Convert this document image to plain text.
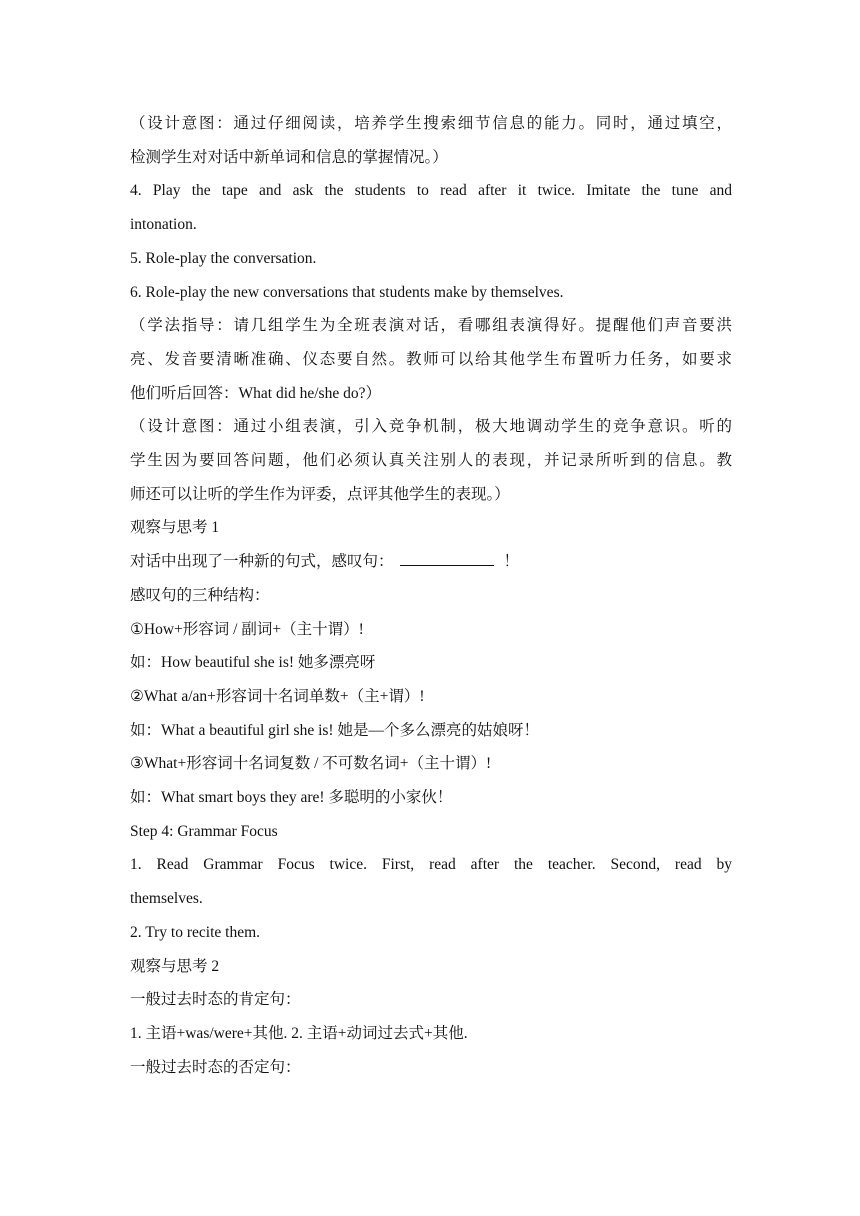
（设计意图：通过仔细阅读，培养学生搜索细节信息的能力。同时，通过填空，

检测学生对对话中新单词和信息的掌握情况。）

4. Play the tape and ask the students to read after it twice. Imitate the tune and

intonation.

5. Role-play the conversation.

6. Role-play the new conversations that students make by themselves.

（学法指导：请几组学生为全班表演对话，看哪组表演得好。提醒他们声音要洪

亮、发音要清晰准确、仪态要自然。教师可以给其他学生布置听力任务，如要求

他们听后回答：What did he/she do?）

（设计意图：通过小组表演，引入竞争机制，极大地调动学生的竞争意识。听的

学生因为要回答问题，他们必须认真关注别人的表现，并记录所听到的信息。教

师还可以让听的学生作为评委，点评其他学生的表现。）

观察与思考 1

对话中出现了一种新的句式，感叹句：	！

感叹句的三种结构：

①How+形容词 / 副词+（主十谓）!

如：How beautiful she is! 她多漂亮呀

②What a/an+形容词十名词单数+（主+谓）!

如：What a beautiful girl she is! 她是—个多么漂亮的姑娘呀！

③What+形容词十名词复数 / 不可数名词+（主十谓）!

如：What smart boys they are! 多聪明的小家伙！

Step 4: Grammar Focus

1. Read Grammar Focus twice. First, read after the teacher. Second, read by

themselves.

2. Try to recite them.

观察与思考 2

一般过去时态的肯定句：

1. 主语+was/were+其他. 2. 主语+动词过去式+其他.

一般过去时态的否定句：
